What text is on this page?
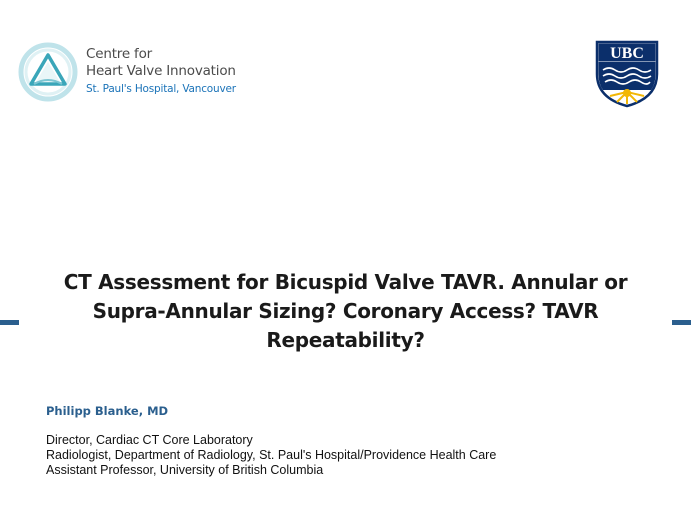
Centre for
Heart Valve Innovation
St. Paul's Hospital, Vancouver
UBC
CT Assessment for Bicuspid Valve TAVR. Annular or
Supra-Annular Sizing? Coronary Access? TAVR
Repeatability?
Philipp Blanke, MD
Director, Cardiac CT Core Laboratory
Radiologist, Department of Radiology, St. Paul's Hospital/Providence Health Care
Assistant Professor, University of British Columbia
